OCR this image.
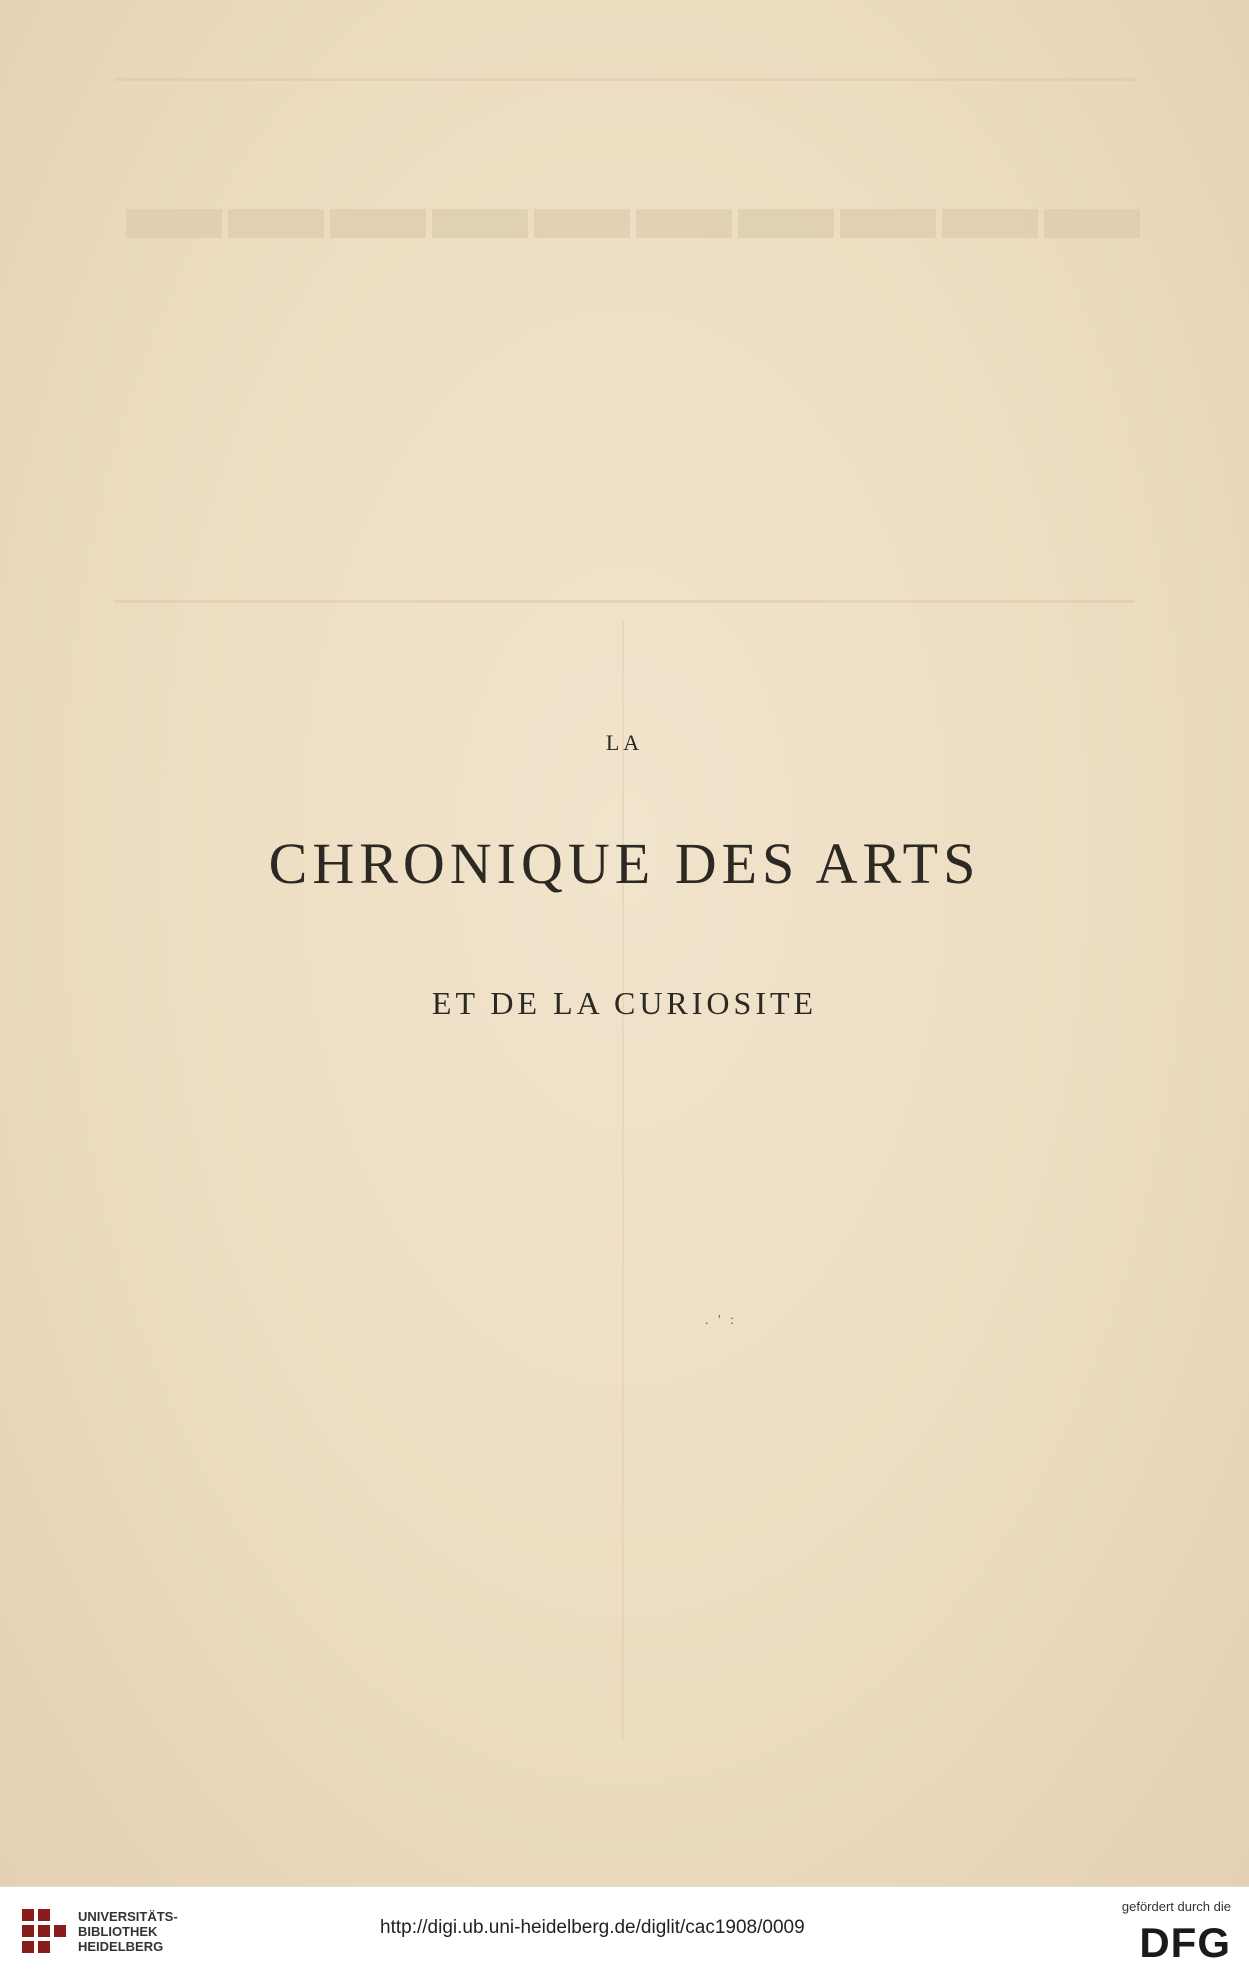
▬▬▬▬▬▬▬▬▬▬
LA
CHRONIQUE DES ARTS
ET DE LA CURIOSITE
. ' :
UNIVERSITÄTS-
BIBLIOTHEK
HEIDELBERG
http://digi.ub.uni-heidelberg.de/diglit/cac1908/0009
gefördert durch die
DFG
